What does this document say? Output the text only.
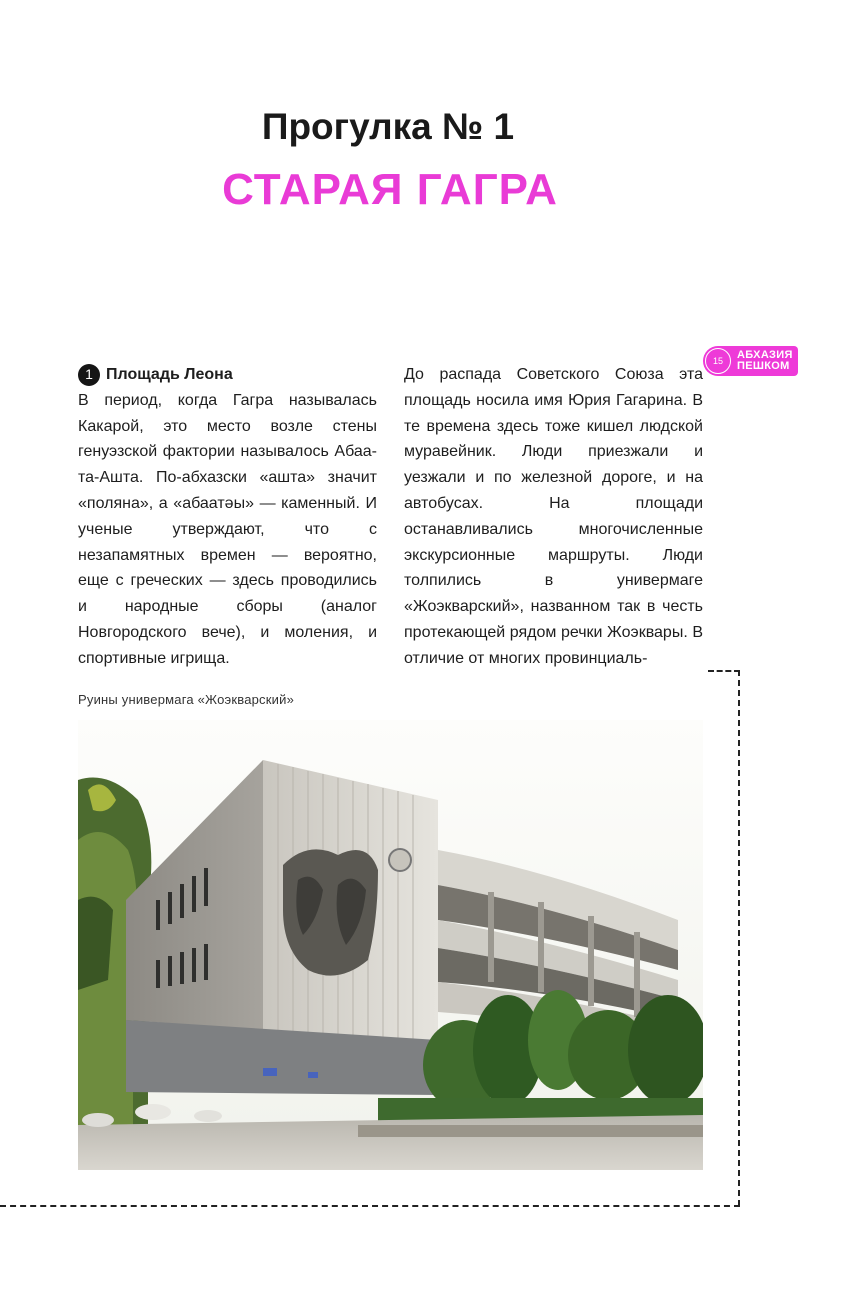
Прогулка № 1
СТАРАЯ ГАГРА
15	АБХАЗИЯ
ПЕШКОМ
1 Площадь Леона

В период, когда Гагра называлась Какарой, это место возле стены генуэзской фактории называлось Абаа-та-Ашта. По-абхазски «ашта» значит «поляна», а «абаатәы» — каменный. И ученые утверждают, что с незапамятных времен — вероятно, еще с греческих — здесь проводились и народные сборы (аналог Новгородского вече), и моления, и спортивные игрища.

До распада Советского Союза эта площадь носила имя Юрия Гагарина. В те времена здесь тоже кишел людской муравейник. Люди приезжали и уезжали и по железной дороге, и на автобусах. На площади останавливались многочисленные экскурсионные маршруты. Люди толпились в универмаге «Жоэкварский», названном так в честь протекающей рядом речки Жоэквары. В отличие от многих провинциаль-

Руины универмага «Жоэкварский»
